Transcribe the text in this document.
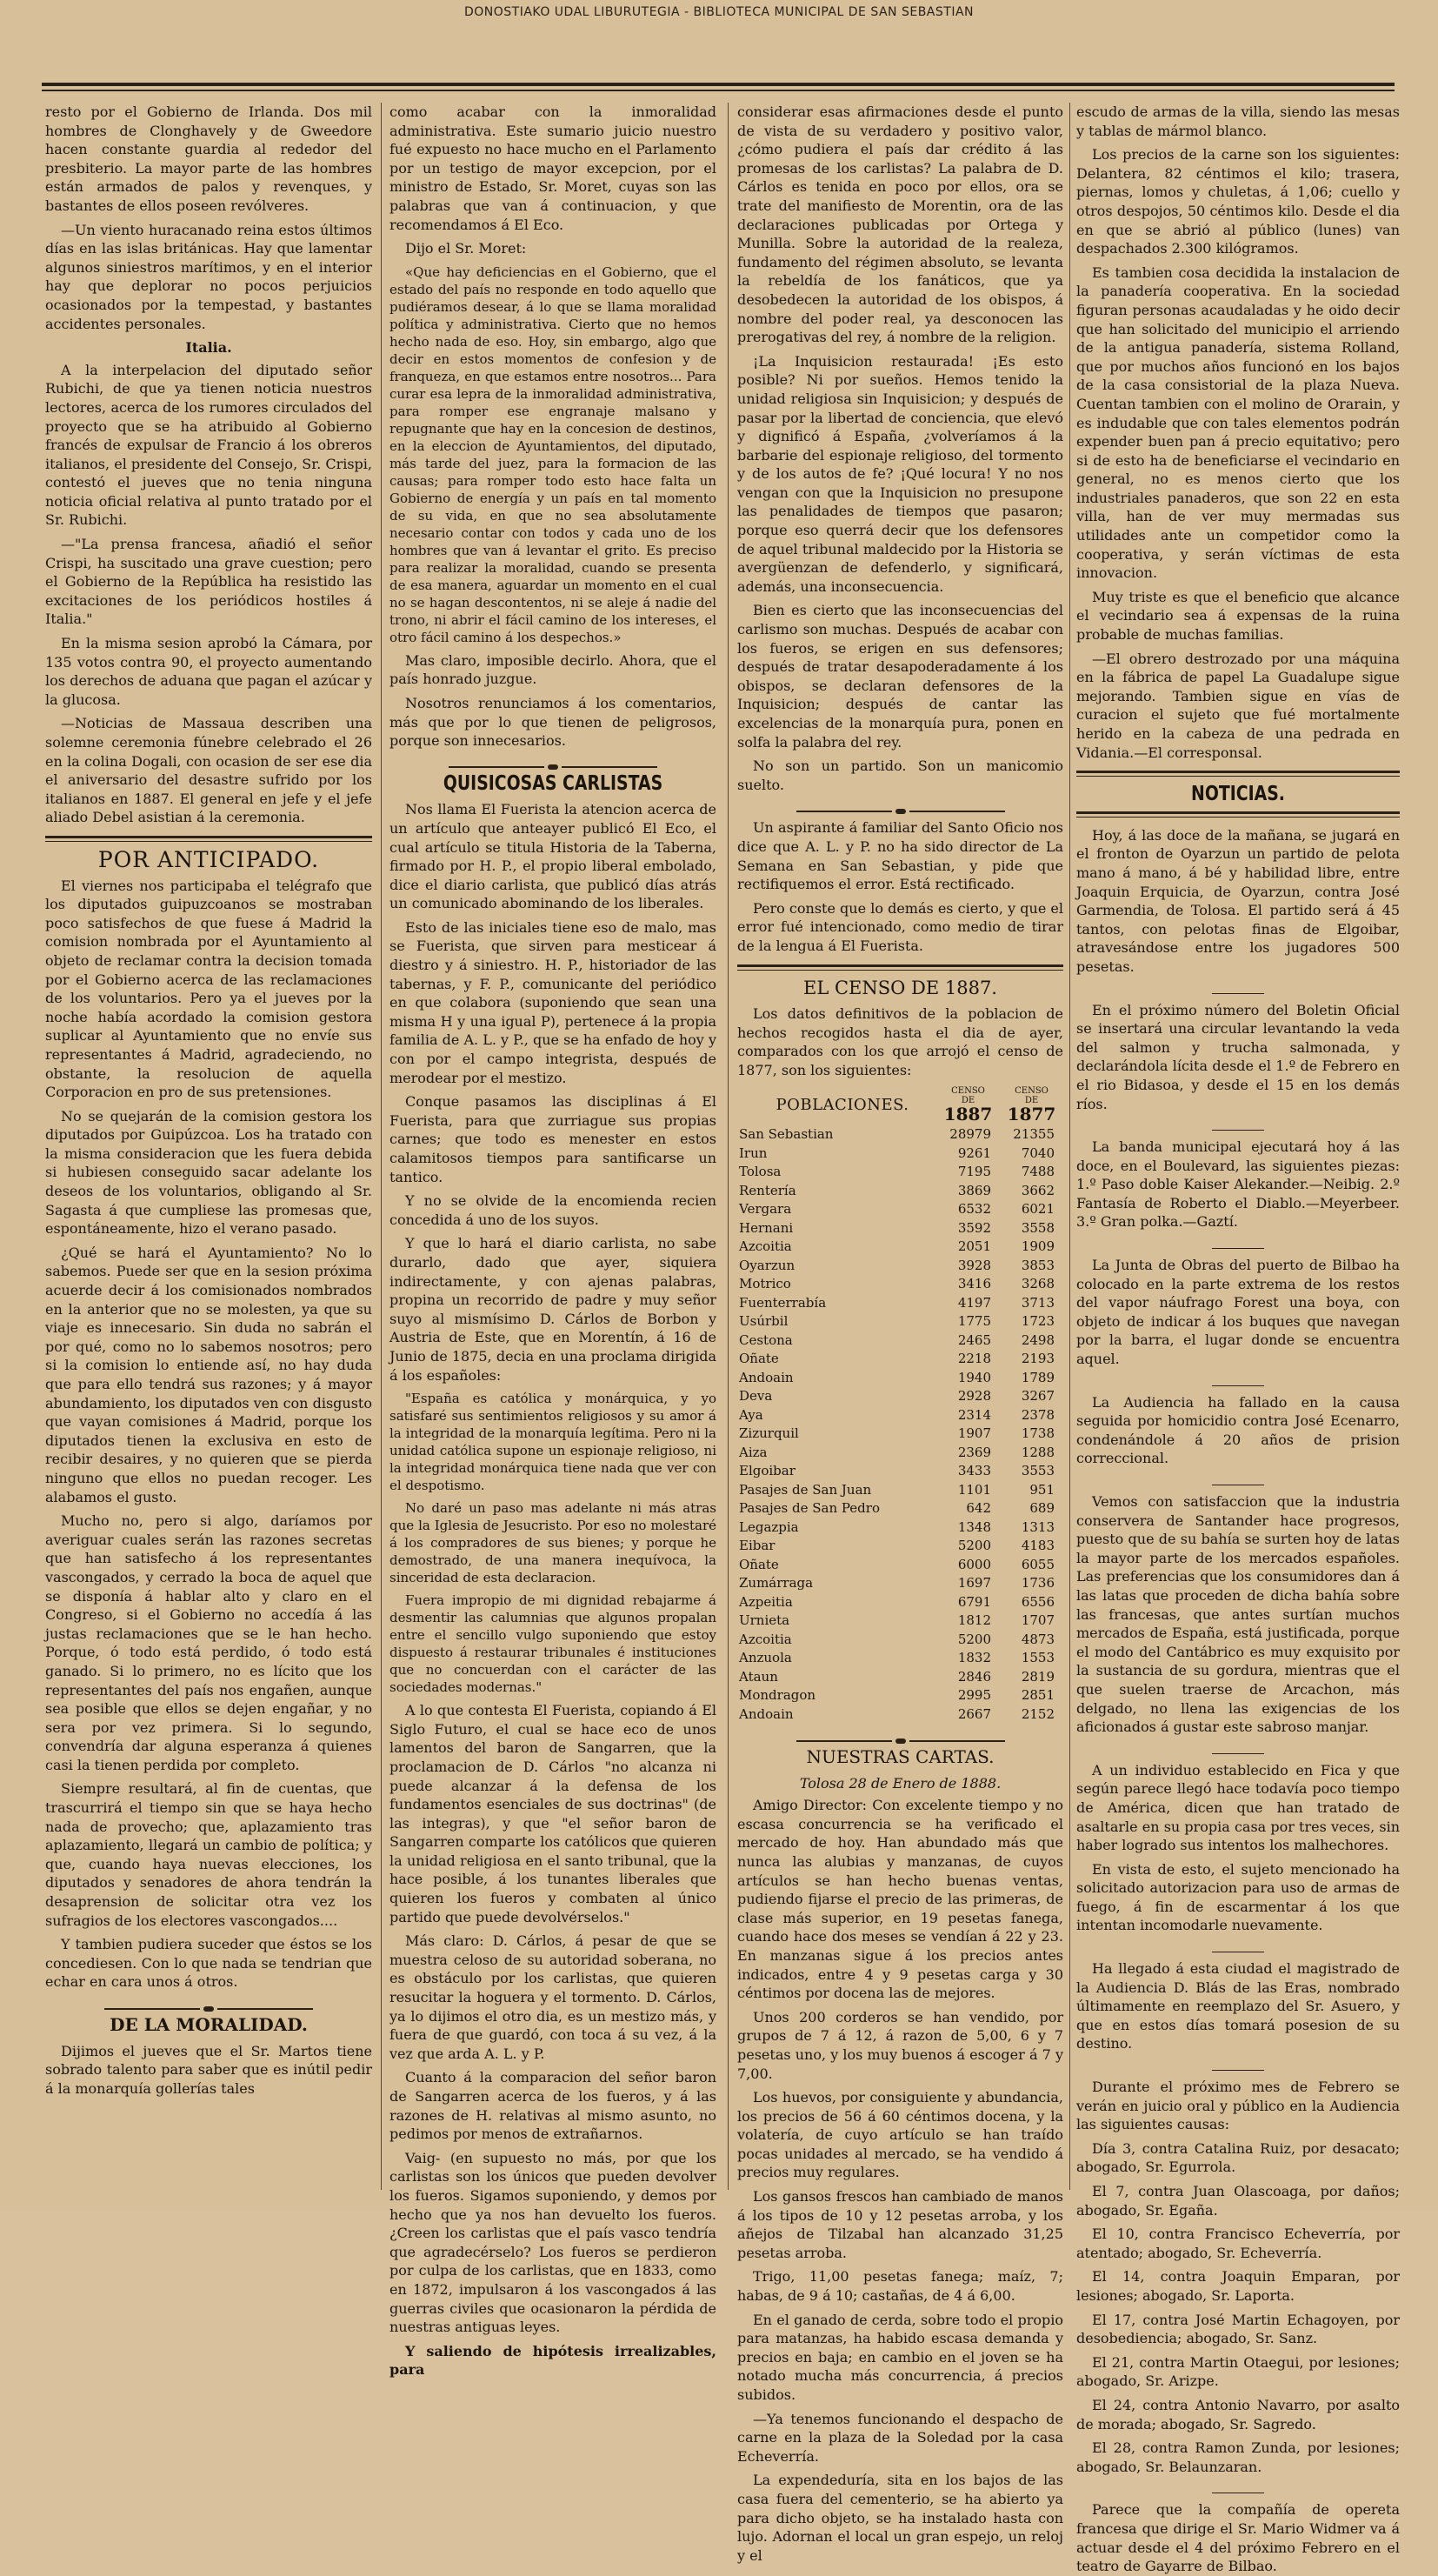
DONOSTIAKO UDAL LIBURUTEGIA - BIBLIOTECA MUNICIPAL DE SAN SEBASTIAN

resto por el Gobierno de Irlanda. Dos mil hombres de Clonghavely y de Gweedore hacen constante guardia al rededor del presbiterio. La mayor parte de las hombres están armados de palos y revenques, y bastantes de ellos poseen revólveres.

—Un viento huracanado reina estos últimos días en las islas británicas. Hay que lamentar algunos siniestros marítimos, y en el interior hay que deplorar no pocos perjuicios ocasionados por la tempestad, y bastantes accidentes personales.

Italia.

A la interpelacion del diputado señor Rubichi, de que ya tienen noticia nuestros lectores, acerca de los rumores circulados del proyecto que se ha atribuido al Gobierno francés de expulsar de Francio á los obreros italianos, el presidente del Consejo, Sr. Crispi, contestó el jueves que no tenia ninguna noticia oficial relativa al punto tratado por el Sr. Rubichi.

—"La prensa francesa, añadió el señor Crispi, ha suscitado una grave cuestion; pero el Gobierno de la República ha resistido las excitaciones de los periódicos hostiles á Italia."

En la misma sesion aprobó la Cámara, por 135 votos contra 90, el proyecto aumentando los derechos de aduana que pagan el azúcar y la glucosa.

—Noticias de Massaua describen una solemne ceremonia fúnebre celebrado el 26 en la colina Dogali, con ocasion de ser ese dia el aniversario del desastre sufrido por los italianos en 1887. El general en jefe y el jefe aliado Debel asistian á la ceremonia.

POR ANTICIPADO.

El viernes nos participaba el telégrafo que los diputados guipuzcoanos se mostraban poco satisfechos de que fuese á Madrid la comision nombrada por el Ayuntamiento al objeto de reclamar contra la decision tomada por el Gobierno acerca de las reclamaciones de los voluntarios. Pero ya el jueves por la noche había acordado la comision gestora suplicar al Ayuntamiento que no envíe sus representantes á Madrid, agradeciendo, no obstante, la resolucion de aquella Corporacion en pro de sus pretensiones.

No se quejarán de la comision gestora los diputados por Guipúzcoa. Los ha tratado con la misma consideracion que les fuera debida si hubiesen conseguido sacar adelante los deseos de los voluntarios, obligando al Sr. Sagasta á que cumpliese las promesas que, espontáneamente, hizo el verano pasado.

¿Qué se hará el Ayuntamiento? No lo sabemos. Puede ser que en la sesion próxima acuerde decir á los comisionados nombrados en la anterior que no se molesten, ya que su viaje es innecesario. Sin duda no sabrán el por qué, como no lo sabemos nosotros; pero si la comision lo entiende así, no hay duda que para ello tendrá sus razones; y á mayor abundamiento, los diputados ven con disgusto que vayan comisiones á Madrid, porque los diputados tienen la exclusiva en esto de recibir desaires, y no quieren que se pierda ninguno que ellos no puedan recoger. Les alabamos el gusto.

Mucho no, pero si algo, daríamos por averiguar cuales serán las razones secretas que han satisfecho á los representantes vascongados, y cerrado la boca de aquel que se disponía á hablar alto y claro en el Congreso, si el Gobierno no accedía á las justas reclamaciones que se le han hecho. Porque, ó todo está perdido, ó todo está ganado. Si lo primero, no es lícito que los representantes del país nos engañen, aunque sea posible que ellos se dejen engañar, y no sera por vez primera. Si lo segundo, convendría dar alguna esperanza á quienes casi la tienen perdida por completo.

Siempre resultará, al fin de cuentas, que trascurrirá el tiempo sin que se haya hecho nada de provecho; que, aplazamiento tras aplazamiento, llegará un cambio de política; y que, cuando haya nuevas elecciones, los diputados y senadores de ahora tendrán la desaprension de solicitar otra vez los sufragios de los electores vascongados....

Y tambien pudiera suceder que éstos se los concediesen. Con lo que nada se tendrian que echar en cara unos á otros.

DE LA MORALIDAD.

Dijimos el jueves que el Sr. Martos tiene sobrado talento para saber que es inútil pedir á la monarquía gollerías tales

como acabar con la inmoralidad administrativa. Este sumario juicio nuestro fué expuesto no hace mucho en el Parlamento por un testigo de mayor excepcion, por el ministro de Estado, Sr. Moret, cuyas son las palabras que van á continuacion, y que recomendamos á El Eco.

Dijo el Sr. Moret:

«Que hay deficiencias en el Gobierno, que el estado del país no responde en todo aquello que pudiéramos desear, á lo que se llama moralidad política y administrativa. Cierto que no hemos hecho nada de eso. Hoy, sin embargo, algo que decir en estos momentos de confesion y de franqueza, en que estamos entre nosotros... Para curar esa lepra de la inmoralidad administrativa, para romper ese engranaje malsano y repugnante que hay en la concesion de destinos, en la eleccion de Ayuntamientos, del diputado, más tarde del juez, para la formacion de las causas; para romper todo esto hace falta un Gobierno de energía y un país en tal momento de su vida, en que no sea absolutamente necesario contar con todos y cada uno de los hombres que van á levantar el grito. Es preciso para realizar la moralidad, cuando se presenta de esa manera, aguardar un momento en el cual no se hagan descontentos, ni se aleje á nadie del trono, ni abrir el fácil camino de los intereses, el otro fácil camino á los despechos.»

Mas claro, imposible decirlo. Ahora, que el país honrado juzgue.

Nosotros renunciamos á los comentarios, más que por lo que tienen de peligrosos, porque son innecesarios.

QUISICOSAS CARLISTAS

Nos llama El Fuerista la atencion acerca de un artículo que anteayer publicó El Eco, el cual artículo se titula Historia de la Taberna, firmado por H. P., el propio liberal embolado, dice el diario carlista, que publicó días atrás un comunicado abominando de los liberales.

Esto de las iniciales tiene eso de malo, mas se Fuerista, que sirven para mesticear á diestro y á siniestro. H. P., historiador de las tabernas, y F. P., comunicante del periódico en que colabora (suponiendo que sean una misma H y una igual P), pertenece á la propia familia de A. L. y P., que se ha enfado de hoy y con por el campo integrista, después de merodear por el mestizo.

Conque pasamos las disciplinas á El Fuerista, para que zurriague sus propias carnes; que todo es menester en estos calamitosos tiempos para santificarse un tantico.

Y no se olvide de la encomienda recien concedida á uno de los suyos.

Y que lo hará el diario carlista, no sabe durarlo, dado que ayer, siquiera indirectamente, y con ajenas palabras, propina un recorrido de padre y muy señor suyo al mismísimo D. Cárlos de Borbon y Austria de Este, que en Morentín, á 16 de Junio de 1875, decia en una proclama dirigida á los españoles:

"España es católica y monárquica, y yo satisfaré sus sentimientos religiosos y su amor á la integridad de la monarquía legítima. Pero ni la unidad católica supone un espionaje religioso, ni la integridad monárquica tiene nada que ver con el despotismo.

No daré un paso mas adelante ni más atras que la Iglesia de Jesucristo. Por eso no molestaré á los compradores de sus bienes; y porque he demostrado, de una manera inequívoca, la sinceridad de esta declaracion.

Fuera impropio de mi dignidad rebajarme á desmentir las calumnias que algunos propalan entre el sencillo vulgo suponiendo que estoy dispuesto á restaurar tribunales é instituciones que no concuerdan con el carácter de las sociedades modernas."

A lo que contesta El Fuerista, copiando á El Siglo Futuro, el cual se hace eco de unos lamentos del baron de Sangarren, que la proclamacion de D. Cárlos "no alcanza ni puede alcanzar á la defensa de los fundamentos esenciales de sus doctrinas" (de las integras), y que "el señor baron de Sangarren comparte los católicos que quieren la unidad religiosa en el santo tribunal, que la hace posible, á los tunantes liberales que quieren los fueros y combaten al único partido que puede devolvérselos."

Más claro: D. Cárlos, á pesar de que se muestra celoso de su autoridad soberana, no es obstáculo por los carlistas, que quieren resucitar la hoguera y el tormento. D. Cárlos, ya lo dijimos el otro dia, es un mestizo más, y fuera de que guardó, con toca á su vez, á la vez que arda A. L. y P.

Cuanto á la comparacion del señor baron de Sangarren acerca de los fueros, y á las razones de H. relativas al mismo asunto, no pedimos por menos de extrañarnos.

Vaig- (en supuesto no más, por que los carlistas son los únicos que pueden devolver los fueros. Sigamos suponiendo, y demos por hecho que ya nos han devuelto los fueros. ¿Creen los carlistas que el país vasco tendría que agradecérselo? Los fueros se perdieron por culpa de los carlistas, que en 1833, como en 1872, impulsaron á los vascongados á las guerras civiles que ocasionaron la pérdida de nuestras antiguas leyes.

Y saliendo de hipótesis irrealizables, para

considerar esas afirmaciones desde el punto de vista de su verdadero y positivo valor, ¿cómo pudiera el país dar crédito á las promesas de los carlistas? La palabra de D. Cárlos es tenida en poco por ellos, ora se trate del manifiesto de Morentin, ora de las declaraciones publicadas por Ortega y Munilla. Sobre la autoridad de la realeza, fundamento del régimen absoluto, se levanta la rebeldía de los fanáticos, que ya desobedecen la autoridad de los obispos, á nombre del poder real, ya desconocen las prerogativas del rey, á nombre de la religion.

¡La Inquisicion restaurada! ¡Es esto posible? Ni por sueños. Hemos tenido la unidad religiosa sin Inquisicion; y después de pasar por la libertad de conciencia, que elevó y dignificó á España, ¿volveríamos á la barbarie del espionaje religioso, del tormento y de los autos de fe? ¡Qué locura! Y no nos vengan con que la Inquisicion no presupone las penalidades de tiempos que pasaron; porque eso querrá decir que los defensores de aquel tribunal maldecido por la Historia se avergüenzan de defenderlo, y significará, además, una inconsecuencia.

Bien es cierto que las inconsecuencias del carlismo son muchas. Después de acabar con los fueros, se erigen en sus defensores; después de tratar desapoderadamente á los obispos, se declaran defensores de la Inquisicion; después de cantar las excelencias de la monarquía pura, ponen en solfa la palabra del rey.

No son un partido. Son un manicomio suelto.

Un aspirante á familiar del Santo Oficio nos dice que A. L. y P. no ha sido director de La Semana en San Sebastian, y pide que rectifiquemos el error. Está rectificado.

Pero conste que lo demás es cierto, y que el error fué intencionado, como medio de tirar de la lengua á El Fuerista.

EL CENSO DE 1887.

Los datos definitivos de la poblacion de hechos recogidos hasta el dia de ayer, comparados con los que arrojó el censo de 1877, son los siguientes:

POBLACIONES.	CENSO
DE
1887	CENSO
DE
1877
San Sebastian	28979	21355
Irun	9261	7040
Tolosa	7195	7488
Rentería	3869	3662
Vergara	6532	6021
Hernani	3592	3558
Azcoitia	2051	1909
Oyarzun	3928	3853
Motrico	3416	3268
Fuenterrabía	4197	3713
Usúrbil	1775	1723
Cestona	2465	2498
Oñate	2218	2193
Andoain	1940	1789
Deva	2928	3267
Aya	2314	2378
Zizurquil	1907	1738
Aiza	2369	1288
Elgoibar	3433	3553
Pasajes de San Juan	1101	951
Pasajes de San Pedro	642	689
Legazpia	1348	1313
Eibar	5200	4183
Oñate	6000	6055
Zumárraga	1697	1736
Azpeitia	6791	6556
Urnieta	1812	1707
Azcoitia	5200	4873
Anzuola	1832	1553
Ataun	2846	2819
Mondragon	2995	2851
Andoain	2667	2152
NUESTRAS CARTAS.

Tolosa 28 de Enero de 1888.

Amigo Director: Con excelente tiempo y no escasa concurrencia se ha verificado el mercado de hoy. Han abundado más que nunca las alubias y manzanas, de cuyos artículos se han hecho buenas ventas, pudiendo fijarse el precio de las primeras, de clase más superior, en 19 pesetas fanega, cuando hace dos meses se vendían á 22 y 23. En manzanas sigue á los precios antes indicados, entre 4 y 9 pesetas carga y 30 céntimos por docena las de mejores.

Unos 200 corderos se han vendido, por grupos de 7 á 12, á razon de 5,00, 6 y 7 pesetas uno, y los muy buenos á escoger á 7 y 7,00.

Los huevos, por consiguiente y abundancia, los precios de 56 á 60 céntimos docena, y la volatería, de cuyo artículo se han traído pocas unidades al mercado, se ha vendido á precios muy regulares.

Los gansos frescos han cambiado de manos á los tipos de 10 y 12 pesetas arroba, y los añejos de Tilzabal han alcanzado 31,25 pesetas arroba.

Trigo, 11,00 pesetas fanega; maíz, 7; habas, de 9 á 10; castañas, de 4 á 6,00.

En el ganado de cerda, sobre todo el propio para matanzas, ha habido escasa demanda y precios en baja; en cambio en el joven se ha notado mucha más concurrencia, á precios subidos.

—Ya tenemos funcionando el despacho de carne en la plaza de la Soledad por la casa Echeverría.

La expendeduría, sita en los bajos de las casa fuera del cementerio, se ha abierto ya para dicho objeto, se ha instalado hasta con lujo. Adornan el local un gran espejo, un reloj y el

escudo de armas de la villa, siendo las mesas y tablas de mármol blanco.

Los precios de la carne son los siguientes: Delantera, 82 céntimos el kilo; trasera, piernas, lomos y chuletas, á 1,06; cuello y otros despojos, 50 céntimos kilo. Desde el dia en que se abrió al público (lunes) van despachados 2.300 kilógramos.

Es tambien cosa decidida la instalacion de la panadería cooperativa. En la sociedad figuran personas acaudaladas y he oido decir que han solicitado del municipio el arriendo de la antigua panadería, sistema Rolland, que por muchos años funcionó en los bajos de la casa consistorial de la plaza Nueva. Cuentan tambien con el molino de Orarain, y es indudable que con tales elementos podrán expender buen pan á precio equitativo; pero si de esto ha de beneficiarse el vecindario en general, no es menos cierto que los industriales panaderos, que son 22 en esta villa, han de ver muy mermadas sus utilidades ante un competidor como la cooperativa, y serán víctimas de esta innovacion.

Muy triste es que el beneficio que alcance el vecindario sea á expensas de la ruina probable de muchas familias.

—El obrero destrozado por una máquina en la fábrica de papel La Guadalupe sigue mejorando. Tambien sigue en vías de curacion el sujeto que fué mortalmente herido en la cabeza de una pedrada en Vidania.—El corresponsal.

NOTICIAS.

Hoy, á las doce de la mañana, se jugará en el fronton de Oyarzun un partido de pelota mano á mano, á bé y habilidad libre, entre Joaquin Erquicia, de Oyarzun, contra José Garmendia, de Tolosa. El partido será á 45 tantos, con pelotas finas de Elgoibar, atravesándose entre los jugadores 500 pesetas.

En el próximo número del Boletin Oficial se insertará una circular levantando la veda del salmon y trucha salmonada, y declarándola lícita desde el 1.º de Febrero en el rio Bidasoa, y desde el 15 en los demás ríos.

La banda municipal ejecutará hoy á las doce, en el Boulevard, las siguientes piezas: 1.º Paso doble Kaiser Alekander.—Neibig. 2.º Fantasía de Roberto el Diablo.—Meyerbeer. 3.º Gran polka.—Gaztí.

La Junta de Obras del puerto de Bilbao ha colocado en la parte extrema de los restos del vapor náufrago Forest una boya, con objeto de indicar á los buques que navegan por la barra, el lugar donde se encuentra aquel.

La Audiencia ha fallado en la causa seguida por homicidio contra José Ecenarro, condenándole á 20 años de prision correccional.

Vemos con satisfaccion que la industria conservera de Santander hace progresos, puesto que de su bahía se surten hoy de latas la mayor parte de los mercados españoles. Las preferencias que los consumidores dan á las latas que proceden de dicha bahía sobre las francesas, que antes surtían muchos mercados de España, está justificada, porque el modo del Cantábrico es muy exquisito por la sustancia de su gordura, mientras que el que suelen traerse de Arcachon, más delgado, no llena las exigencias de los aficionados á gustar este sabroso manjar.

A un individuo establecido en Fica y que según parece llegó hace todavía poco tiempo de América, dicen que han tratado de asaltarle en su propia casa por tres veces, sin haber logrado sus intentos los malhechores.

En vista de esto, el sujeto mencionado ha solicitado autorizacion para uso de armas de fuego, á fin de escarmentar á los que intentan incomodarle nuevamente.

Ha llegado á esta ciudad el magistrado de la Audiencia D. Blás de las Eras, nombrado últimamente en reemplazo del Sr. Asuero, y que en estos días tomará posesion de su destino.

Durante el próximo mes de Febrero se verán en juicio oral y público en la Audiencia las siguientes causas:

Día 3, contra Catalina Ruiz, por desacato; abogado, Sr. Egurrola.

El 7, contra Juan Olascoaga, por daños; abogado, Sr. Egaña.

El 10, contra Francisco Echeverría, por atentado; abogado, Sr. Echeverría.

El 14, contra Joaquin Emparan, por lesiones; abogado, Sr. Laporta.

El 17, contra José Martin Echagoyen, por desobediencia; abogado, Sr. Sanz.

El 21, contra Martin Otaegui, por lesiones; abogado, Sr. Arizpe.

El 24, contra Antonio Navarro, por asalto de morada; abogado, Sr. Sagredo.

El 28, contra Ramon Zunda, por lesiones; abogado, Sr. Belaunzaran.

Parece que la compañía de opereta francesa que dirige el Sr. Mario Widmer va á actuar desde el 4 del próximo Febrero en el teatro de Gayarre de Bilbao.
